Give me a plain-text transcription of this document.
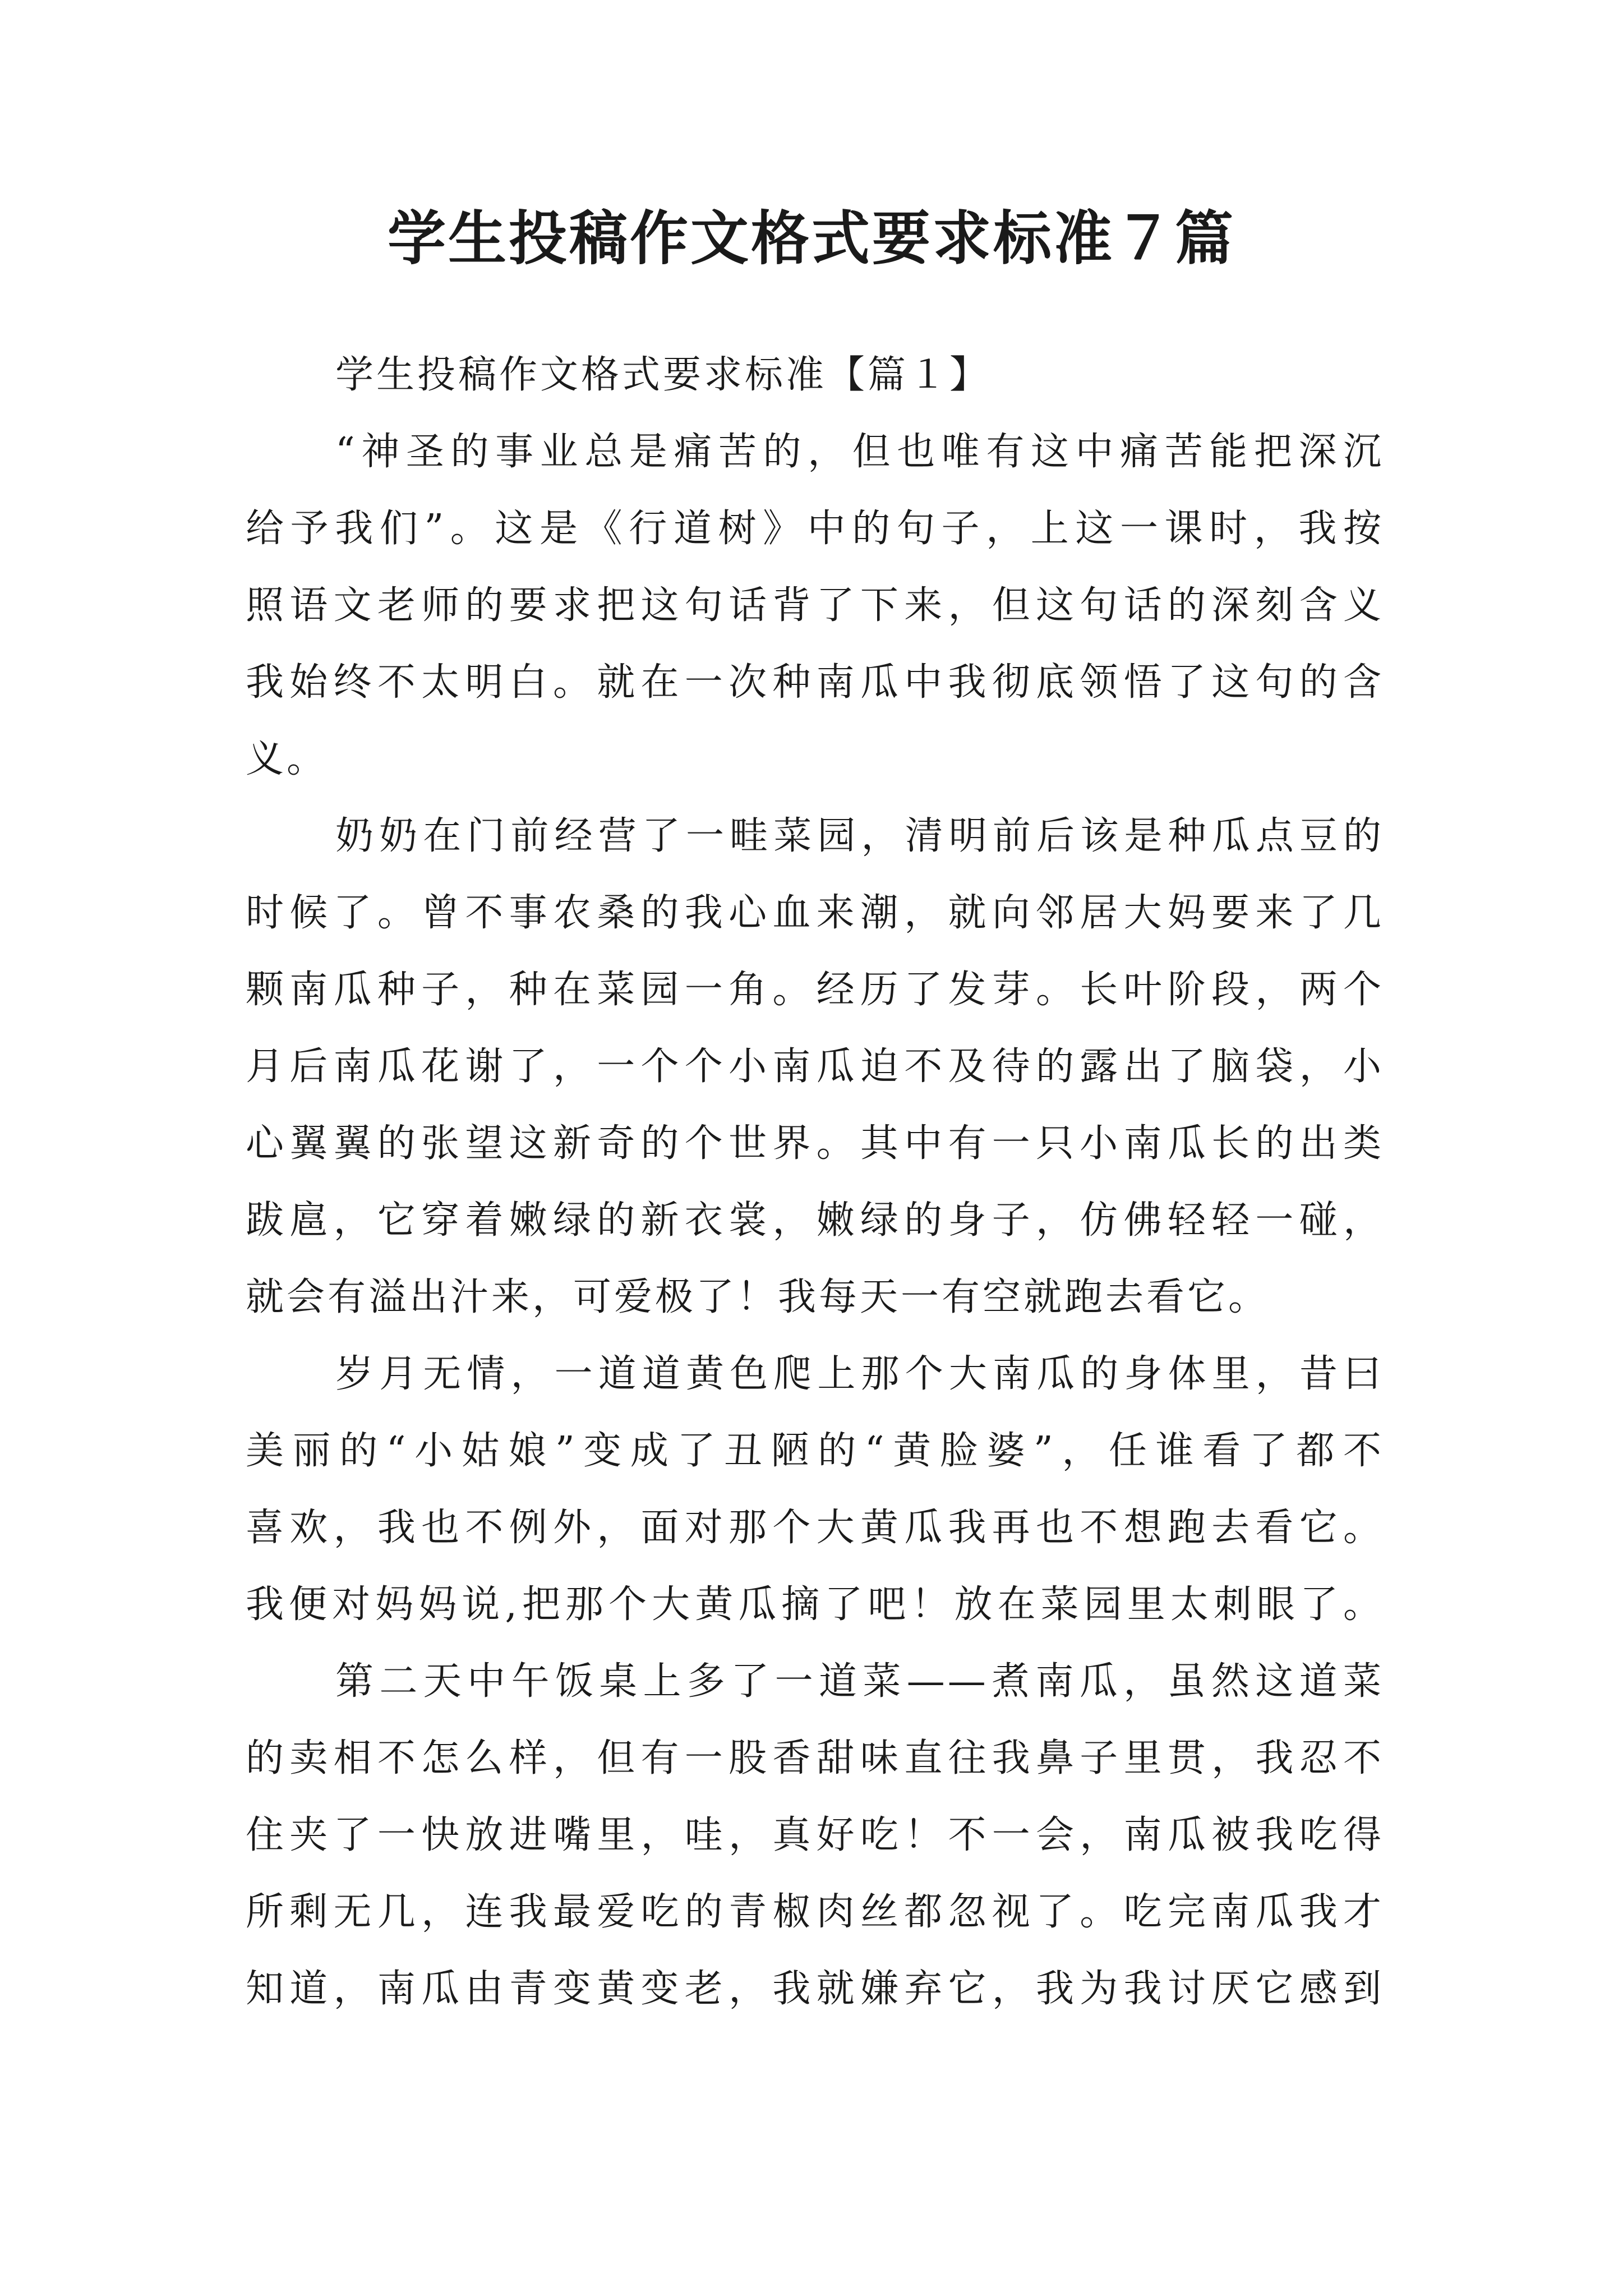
学生投稿作文格式要求标准７篇

学生投稿作文格式要求标准【篇１】

“神圣的事业总是痛苦的，但也唯有这中痛苦能把深沉
给予我们”。这是《行道树》中的句子，上这一课时，我按
照语文老师的要求把这句话背了下来，但这句话的深刻含义
我始终不太明白。就在一次种南瓜中我彻底领悟了这句的含
义。
奶奶在门前经营了一畦菜园，清明前后该是种瓜点豆的
时候了。曾不事农桑的我心血来潮，就向邻居大妈要来了几
颗南瓜种子，种在菜园一角。经历了发芽。长叶阶段，两个
月后南瓜花谢了，一个个小南瓜迫不及待的露出了脑袋，小
心翼翼的张望这新奇的个世界。其中有一只小南瓜长的出类
跋扈，它穿着嫩绿的新衣裳，嫩绿的身子，仿佛轻轻一碰，
就会有溢出汁来，可爱极了！我每天一有空就跑去看它。
岁月无情，一道道黄色爬上那个大南瓜的身体里，昔曰
美丽的“小姑娘”变成了丑陋的“黄脸婆”，任谁看了都不
喜欢，我也不例外，面对那个大黄瓜我再也不想跑去看它。
我便对妈妈说,把那个大黄瓜摘了吧！放在菜园里太刺眼了。
第二天中午饭桌上多了一道菜——煮南瓜，虽然这道菜
的卖相不怎么样，但有一股香甜味直往我鼻子里贯，我忍不
住夹了一快放进嘴里，哇，真好吃！不一会，南瓜被我吃得
所剩无几，连我最爱吃的青椒肉丝都忽视了。吃完南瓜我才
知道，南瓜由青变黄变老，我就嫌弃它，我为我讨厌它感到
